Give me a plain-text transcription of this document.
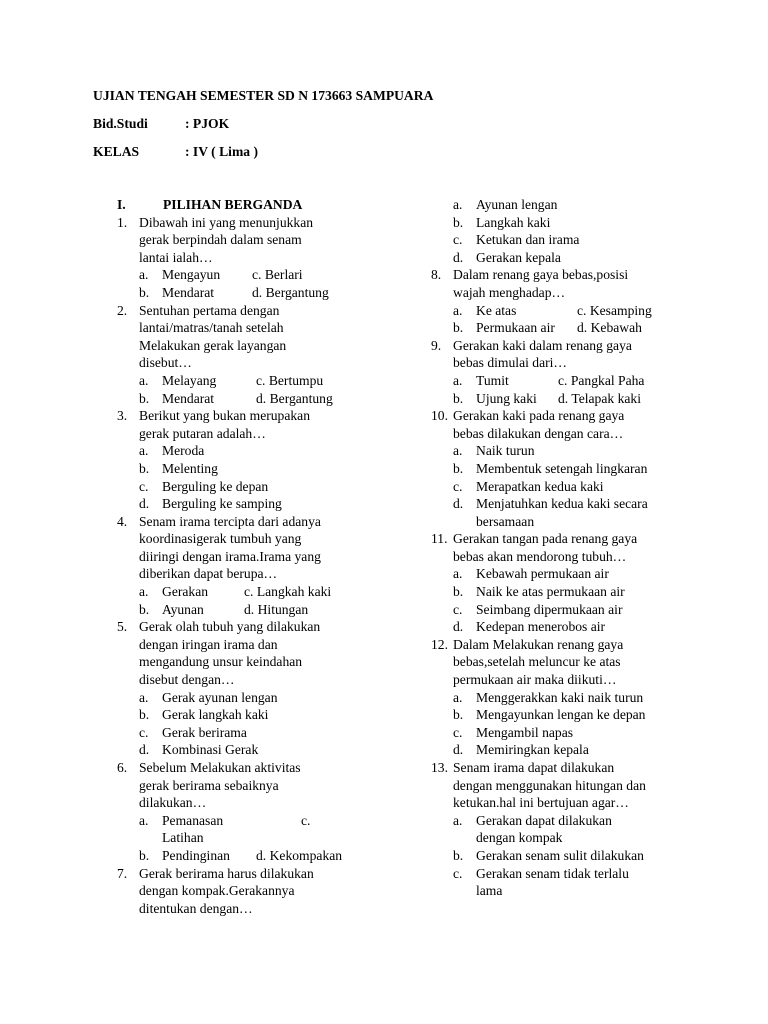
UJIAN TENGAH SEMESTER SD N 173663 SAMPUARA
Bid.Studi	: PJOK
KELAS	: IV ( Lima )
I.	PILIHAN BERGANDA
1. Dibawah ini yang menunjukkan
gerak berpindah dalam senam
lantai ialah…
a. Mengayun c. Berlari
b. Mendarat	d. Bergantung
2. Sentuhan pertama dengan
lantai/matras/tanah setelah
Melakukan gerak layangan
disebut…
a. Melayang	c. Bertumpu
b. Mendarat	d. Bergantung
3. Berikut yang bukan merupakan
gerak putaran adalah…
a. Meroda
b. Melenting
c. Berguling ke depan
d. Berguling ke samping
4. Senam irama tercipta dari adanya
koordinasigerak tumbuh yang
diiringi dengan irama.Irama yang
diberikan dapat berupa…
a. Gerakan	c. Langkah kaki
b. Ayunan	d. Hitungan
5. Gerak olah tubuh yang dilakukan
dengan iringan irama dan
mengandung unsur keindahan
disebut dengan…
a. Gerak ayunan lengan
b. Gerak langkah kaki
c. Gerak berirama
d. Kombinasi Gerak
6. Sebelum Melakukan aktivitas
gerak berirama sebaiknya
dilakukan…
a. Pemanasan	c.
Latihan
b. Pendinginan d. Kekompakan
7. Gerak berirama harus dilakukan
dengan kompak.Gerakannya
ditentukan dengan…
a. Ayunan lengan
b. Langkah kaki
c. Ketukan dan irama
d. Gerakan kepala
8. Dalam renang gaya bebas,posisi
wajah menghadap…
a. Ke atas	c. Kesamping
b. Permukaan air d. Kebawah
9. Gerakan kaki dalam renang gaya
bebas dimulai dari…
a. Tumit	c. Pangkal Paha
b. Ujung kaki d. Telapak kaki
10. Gerakan kaki pada renang gaya
bebas dilakukan dengan cara…
a. Naik turun
b. Membentuk setengah lingkaran
c. Merapatkan kedua kaki
d. Menjatuhkan kedua kaki secara
bersamaan
11. Gerakan tangan pada renang gaya
bebas akan mendorong tubuh…
a. Kebawah permukaan air
b. Naik ke atas permukaan air
c. Seimbang dipermukaan air
d. Kedepan menerobos air
12. Dalam Melakukan renang gaya
bebas,setelah meluncur ke atas
permukaan air maka diikuti…
a. Menggerakkan kaki naik turun
b. Mengayunkan lengan ke depan
c. Mengambil napas
d. Memiringkan kepala
13. Senam irama dapat dilakukan
dengan menggunakan hitungan dan
ketukan.hal ini bertujuan agar…
a. Gerakan dapat dilakukan
dengan kompak
b. Gerakan senam sulit dilakukan
c. Gerakan senam tidak terlalu
lama
